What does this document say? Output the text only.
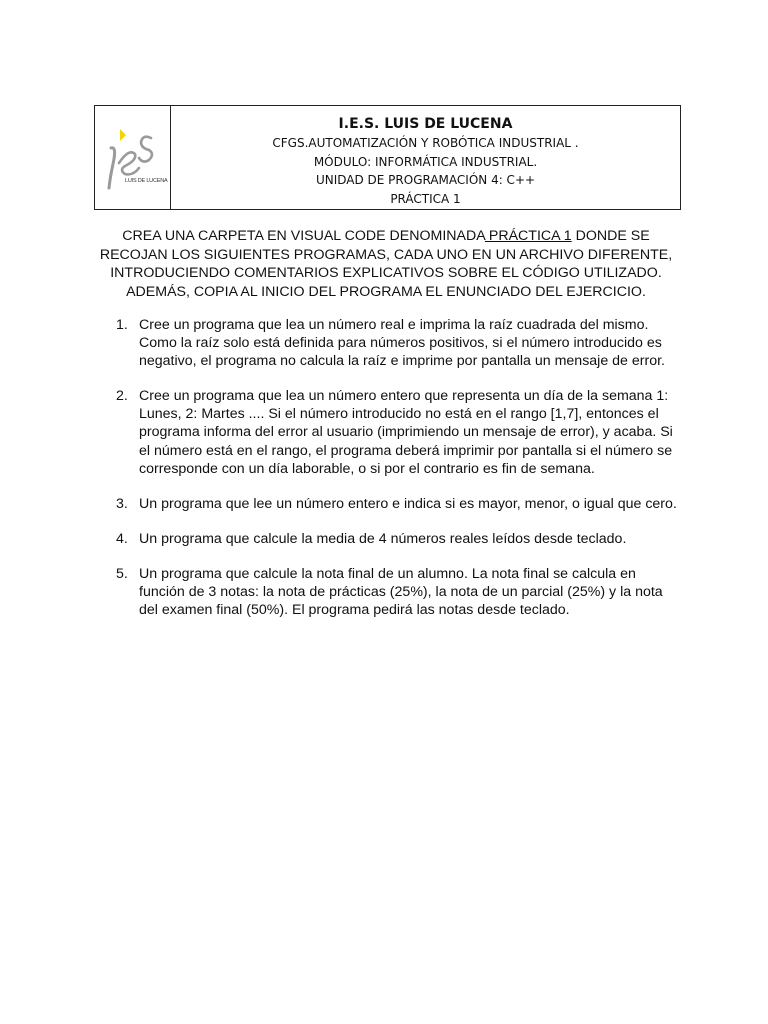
LUIS DE LUCENA
I.E.S. LUIS DE LUCENA
CFGS.AUTOMATIZACIÓN Y ROBÓTICA INDUSTRIAL .
MÓDULO: INFORMÁTICA INDUSTRIAL.
UNIDAD DE PROGRAMACIÓN 4: C++
PRÁCTICA 1
CREA UNA CARPETA EN VISUAL CODE DENOMINADA PRÁCTICA 1 DONDE SE RECOJAN LOS SIGUIENTES PROGRAMAS, CADA UNO EN UN ARCHIVO DIFERENTE, INTRODUCIENDO COMENTARIOS EXPLICATIVOS SOBRE EL CÓDIGO UTILIZADO. ADEMÁS, COPIA AL INICIO DEL PROGRAMA EL ENUNCIADO DEL EJERCICIO.
1. Cree un programa que lea un número real e imprima la raíz cuadrada del mismo. Como la raíz solo está definida para números positivos, si el número introducido es negativo, el programa no calcula la raíz e imprime por pantalla un mensaje de error.
2. Cree un programa que lea un número entero que representa un día de la semana 1: Lunes, 2: Martes .... Si el número introducido no está en el rango [1,7], entonces el programa informa del error al usuario (imprimiendo un mensaje de error), y acaba. Si el número está en el rango, el programa deberá imprimir por pantalla si el número se corresponde con un día laborable, o si por el contrario es fin de semana.
3. Un programa que lee un número entero e indica si es mayor, menor, o igual que cero.
4. Un programa que calcule la media de 4 números reales leídos desde teclado.
5. Un programa que calcule la nota final de un alumno. La nota final se calcula en función de 3 notas: la nota de prácticas (25%), la nota de un parcial (25%) y la nota del examen final (50%). El programa pedirá las notas desde teclado.
